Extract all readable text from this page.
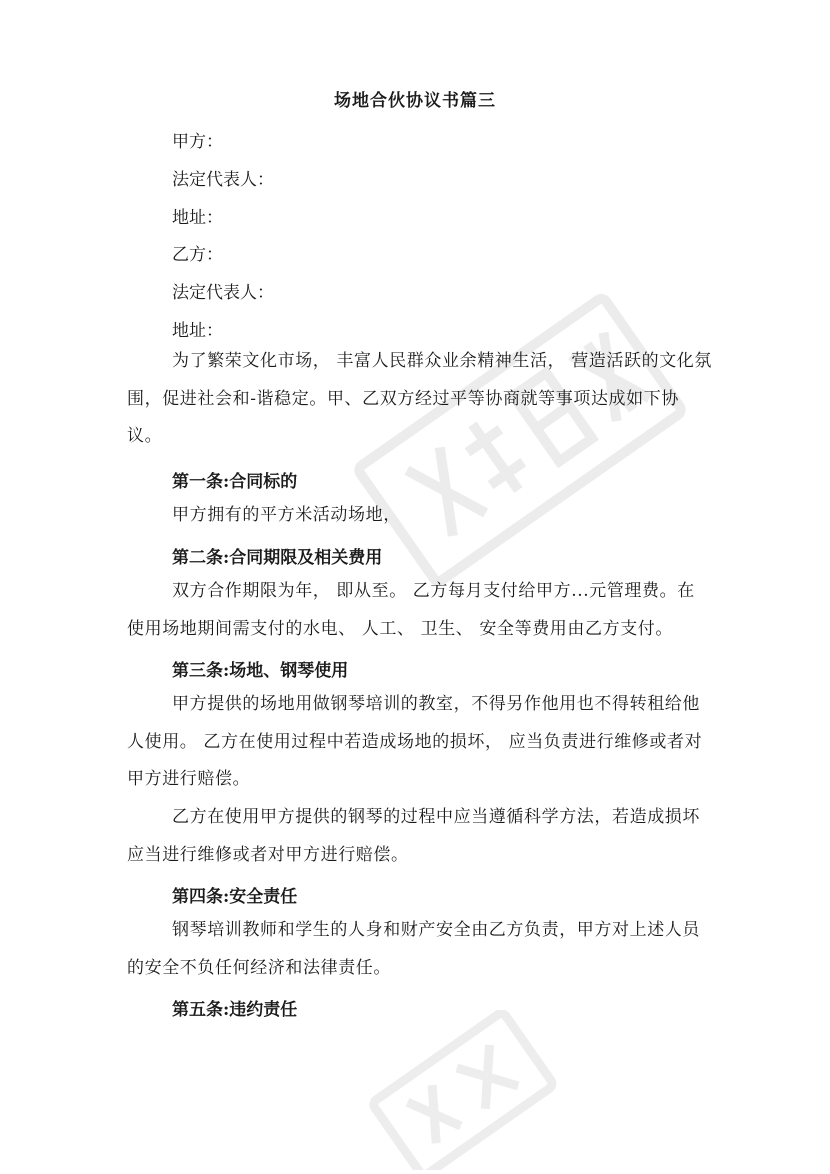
场地合伙协议书篇三
甲方：
法定代表人：
地址：
乙方：
法定代表人：
地址：

为了繁荣文化市场， 丰富人民群众业余精神生活， 营造活跃的文化氛围，促进社会和-谐稳定。甲、乙双方经过平等协商就等事项达成如下协议。

第一条:合同标的

甲方拥有的平方米活动场地，

第二条:合同期限及相关费用

双方合作期限为年， 即从至。 乙方每月支付给甲方...元管理费。在使用场地期间需支付的水电、 人工、 卫生、 安全等费用由乙方支付。

第三条:场地、钢琴使用

甲方提供的场地用做钢琴培训的教室，不得另作他用也不得转租给他人使用。 乙方在使用过程中若造成场地的损坏， 应当负责进行维修或者对甲方进行赔偿。

乙方在使用甲方提供的钢琴的过程中应当遵循科学方法，若造成损坏应当进行维修或者对甲方进行赔偿。

第四条:安全责任

钢琴培训教师和学生的人身和财产安全由乙方负责，甲方对上述人员的安全不负任何经济和法律责任。

第五条:违约责任
